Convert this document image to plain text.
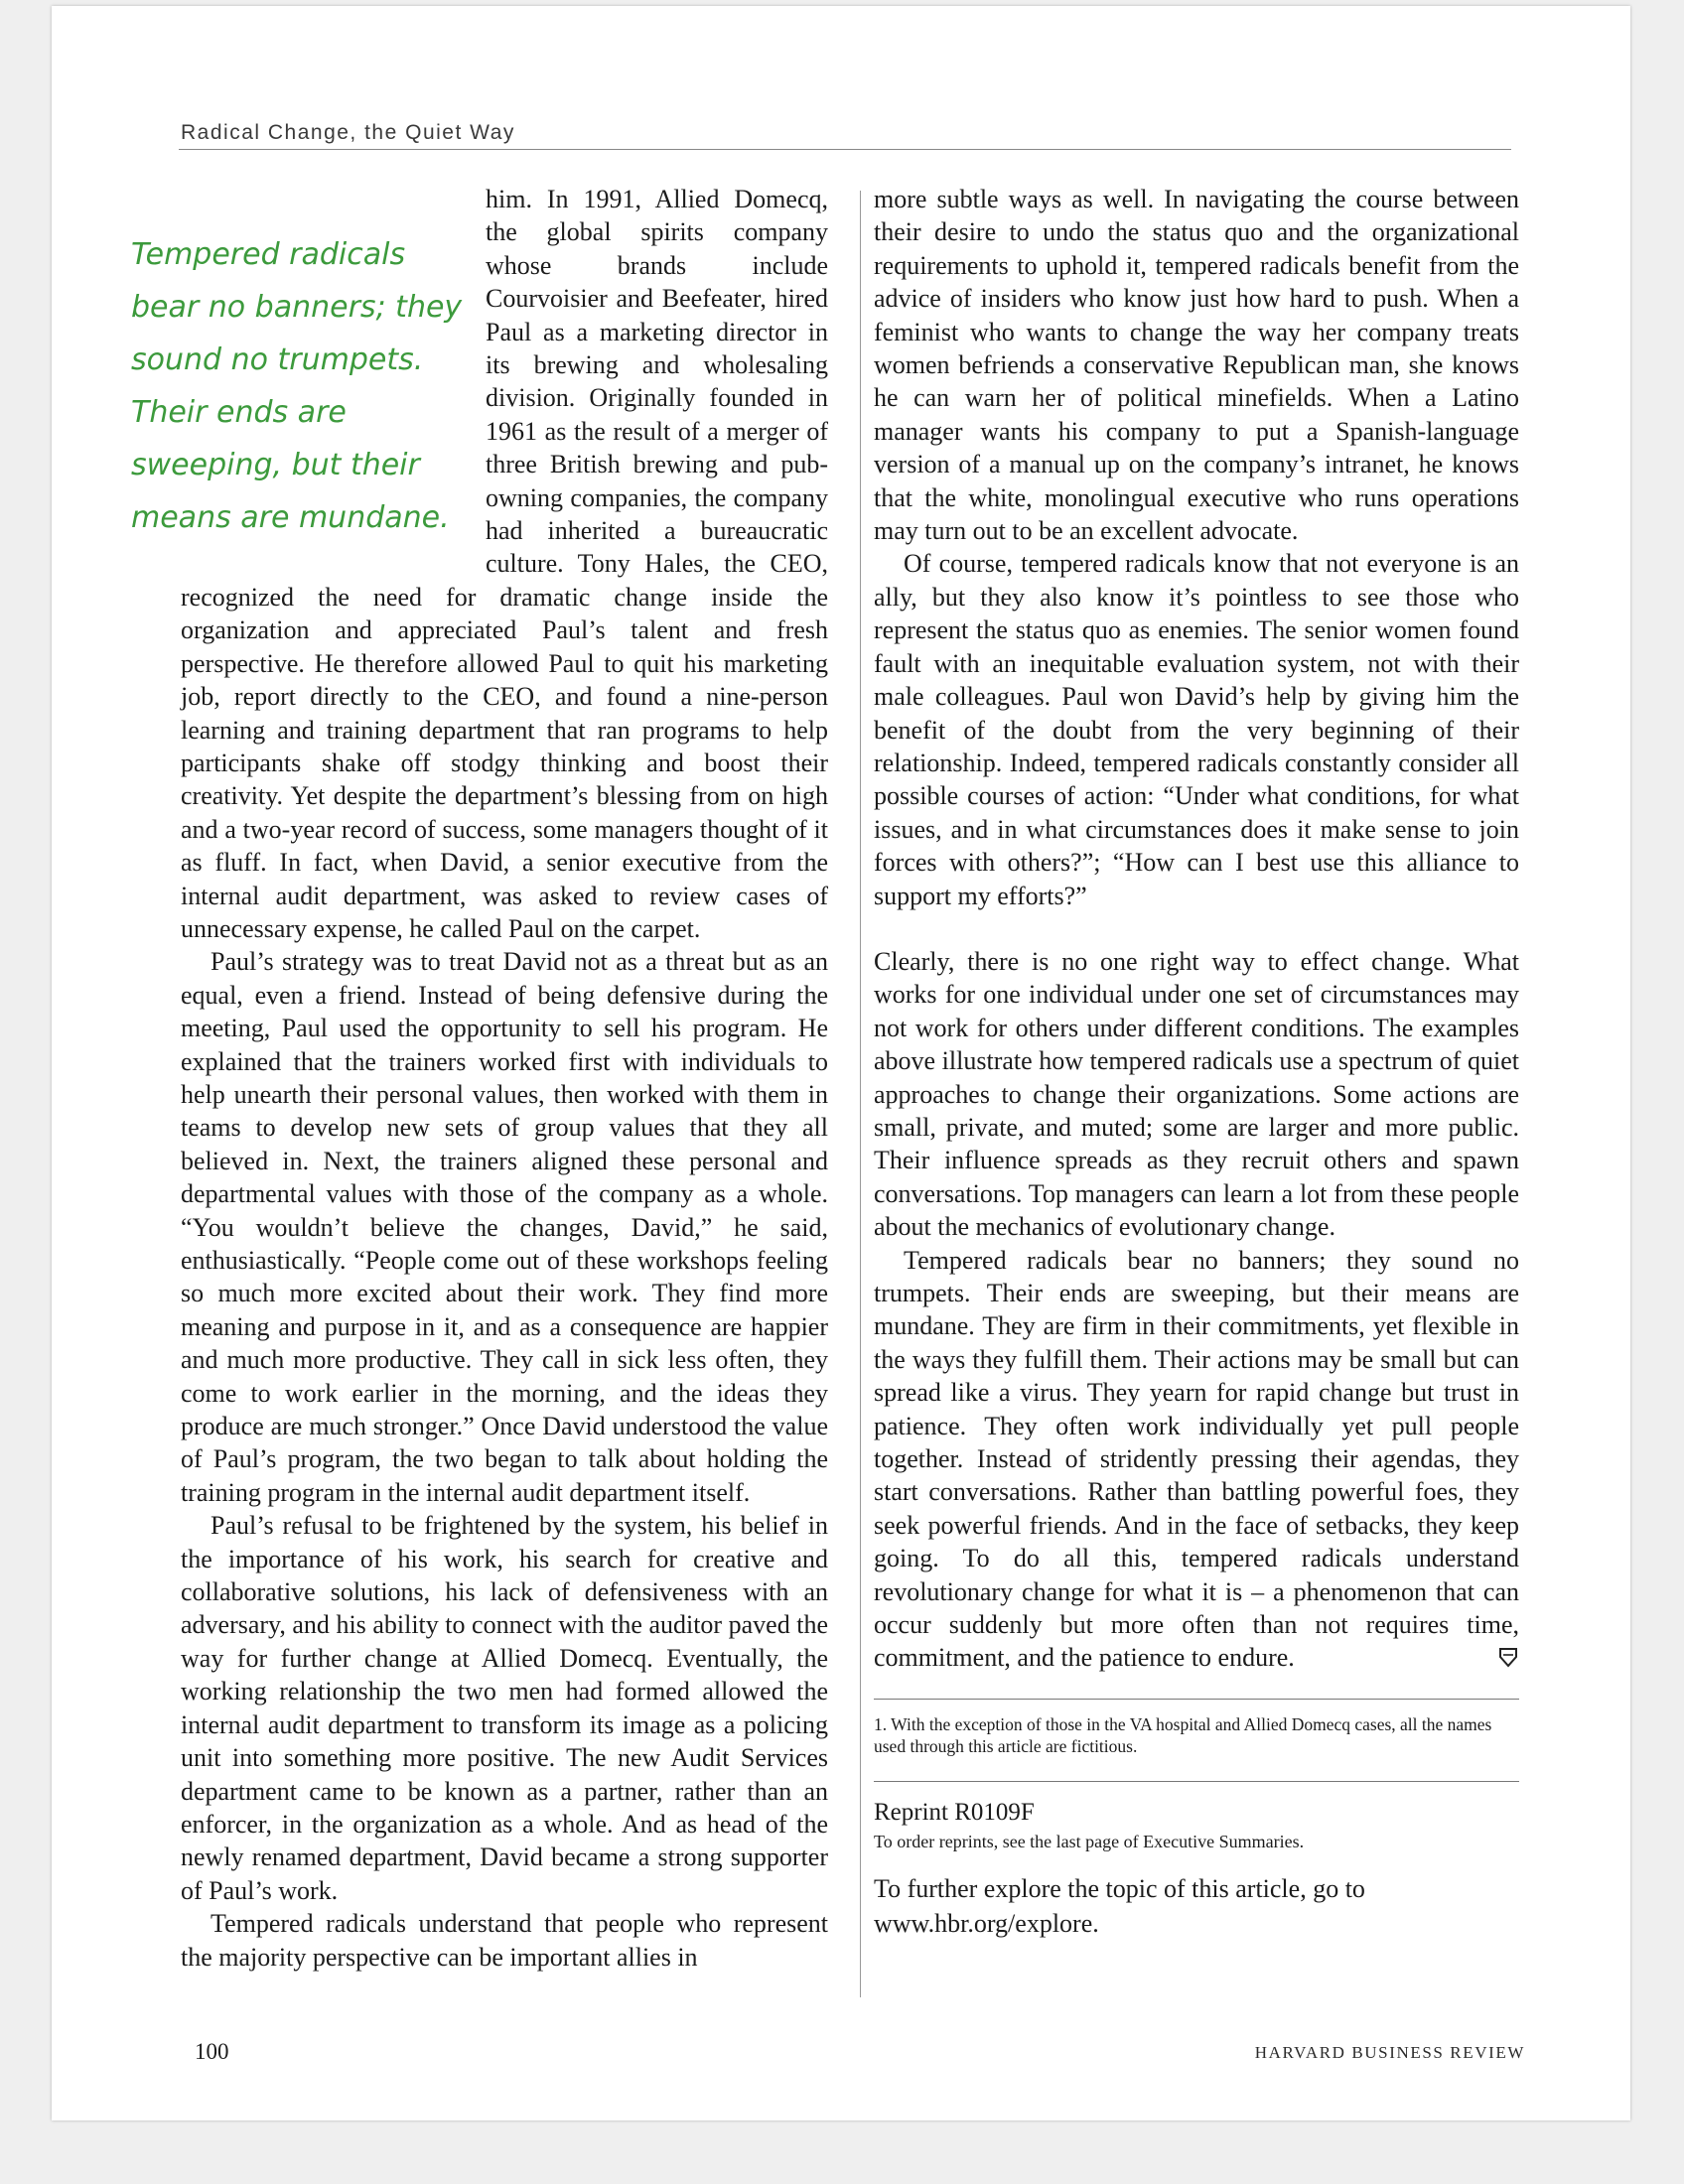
Radical Change, the Quiet Way

Tempered radicals bear no banners; they sound no trumpets. Their ends are sweeping, but their means are mundane.
him. In 1991, Allied Domecq, the global spirits company whose brands include Courvoisier and Beefeater, hired Paul as a marketing director in its brewing and wholesaling division. Originally founded in 1961 as the result of a merger of three British brewing and pub-owning companies, the company had inherited a bureaucratic culture. Tony Hales, the CEO, recognized the need for dramatic change inside the organization and appreciated Paul’s talent and fresh perspective. He therefore allowed Paul to quit his marketing job, report directly to the CEO, and found a nine-person learning and training department that ran programs to help participants shake off stodgy thinking and boost their creativity. Yet despite the department’s blessing from on high and a two-year record of success, some managers thought of it as fluff. In fact, when David, a senior executive from the internal audit department, was asked to review cases of unnecessary expense, he called Paul on the carpet.

Paul’s strategy was to treat David not as a threat but as an equal, even a friend. Instead of being defensive during the meeting, Paul used the opportunity to sell his program. He explained that the trainers worked first with individuals to help unearth their personal values, then worked with them in teams to develop new sets of group values that they all believed in. Next, the trainers aligned these personal and departmental values with those of the company as a whole. “You wouldn’t believe the changes, David,” he said, enthusiastically. “People come out of these workshops feeling so much more excited about their work. They find more meaning and purpose in it, and as a consequence are happier and much more productive. They call in sick less often, they come to work earlier in the morning, and the ideas they produce are much stronger.” Once David understood the value of Paul’s program, the two began to talk about holding the training program in the internal audit department itself.

Paul’s refusal to be frightened by the system, his belief in the importance of his work, his search for creative and collaborative solutions, his lack of defensiveness with an adversary, and his ability to connect with the auditor paved the way for further change at Allied Domecq. Eventually, the working relationship the two men had formed allowed the internal audit department to transform its image as a policing unit into something more positive. The new Audit Services department came to be known as a partner, rather than an enforcer, in the organization as a whole. And as head of the newly renamed department, David became a strong supporter of Paul’s work.

Tempered radicals understand that people who represent the majority perspective can be important allies in

more subtle ways as well. In navigating the course between their desire to undo the status quo and the organizational requirements to uphold it, tempered radicals benefit from the advice of insiders who know just how hard to push. When a feminist who wants to change the way her company treats women befriends a conservative Republican man, she knows he can warn her of political minefields. When a Latino manager wants his company to put a Spanish-language version of a manual up on the company’s intranet, he knows that the white, monolingual executive who runs operations may turn out to be an excellent advocate.

Of course, tempered radicals know that not everyone is an ally, but they also know it’s pointless to see those who represent the status quo as enemies. The senior women found fault with an inequitable evaluation system, not with their male colleagues. Paul won David’s help by giving him the benefit of the doubt from the very beginning of their relationship. Indeed, tempered radicals constantly consider all possible courses of action: “Under what conditions, for what issues, and in what circumstances does it make sense to join forces with others?”; “How can I best use this alliance to support my efforts?”

Clearly, there is no one right way to effect change. What works for one individual under one set of circumstances may not work for others under different conditions. The examples above illustrate how tempered radicals use a spectrum of quiet approaches to change their organizations. Some actions are small, private, and muted; some are larger and more public. Their influence spreads as they recruit others and spawn conversations. Top managers can learn a lot from these people about the mechanics of evolutionary change.

Tempered radicals bear no banners; they sound no trumpets. Their ends are sweeping, but their means are mundane. They are firm in their commitments, yet flexible in the ways they fulfill them. Their actions may be small but can spread like a virus. They yearn for rapid change but trust in patience. They often work individually yet pull people together. Instead of stridently pressing their agendas, they start conversations. Rather than battling powerful foes, they seek powerful friends. And in the face of setbacks, they keep going. To do all this, tempered radicals understand revolutionary change for what it is – a phenomenon that can occur suddenly but more often than not requires time, commitment, and the patience to endure.

1. With the exception of those in the VA hospital and Allied Domecq cases, all the names used through this article are fictitious.

Reprint R0109F

To order reprints, see the last page of Executive Summaries.

To further explore the topic of this article, go to www.hbr.org/explore.

100	HARVARD BUSINESS REVIEW
